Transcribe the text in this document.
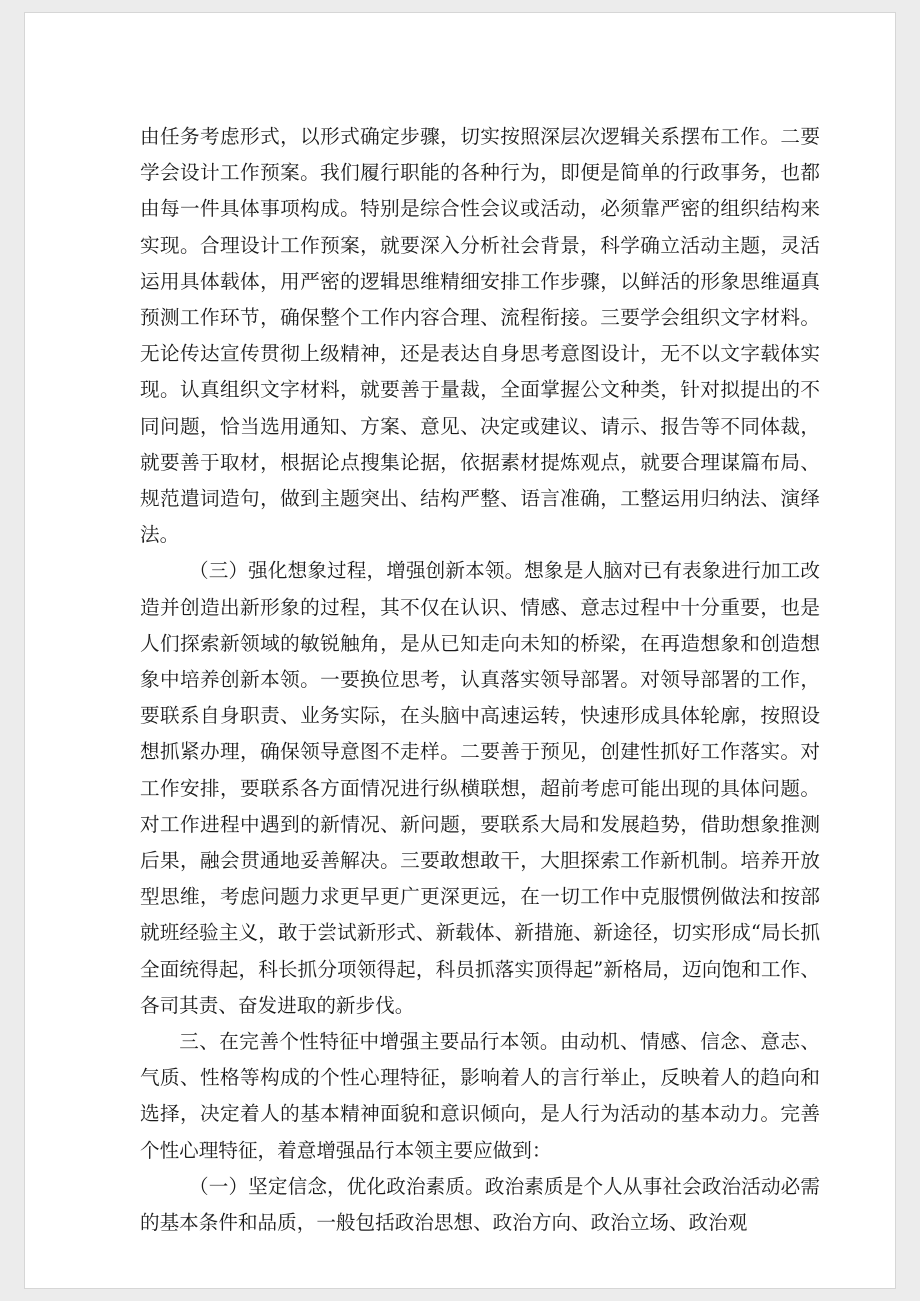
由任务考虑形式，以形式确定步骤，切实按照深层次逻辑关系摆布工作。二要学会设计工作预案。我们履行职能的各种行为，即便是简单的行政事务，也都由每一件具体事项构成。特别是综合性会议或活动，必须靠严密的组织结构来实现。合理设计工作预案，就要深入分析社会背景，科学确立活动主题，灵活运用具体载体，用严密的逻辑思维精细安排工作步骤，以鲜活的形象思维逼真预测工作环节，确保整个工作内容合理、流程衔接。三要学会组织文字材料。无论传达宣传贯彻上级精神，还是表达自身思考意图设计，无不以文字载体实现。认真组织文字材料，就要善于量裁，全面掌握公文种类，针对拟提出的不同问题，恰当选用通知、方案、意见、决定或建议、请示、报告等不同体裁，就要善于取材，根据论点搜集论据，依据素材提炼观点，就要合理谋篇布局、规范遣词造句，做到主题突出、结构严整、语言准确，工整运用归纳法、演绎法。

（三）强化想象过程，增强创新本领。想象是人脑对已有表象进行加工改造并创造出新形象的过程，其不仅在认识、情感、意志过程中十分重要，也是人们探索新领域的敏锐触角，是从已知走向未知的桥梁，在再造想象和创造想象中培养创新本领。一要换位思考，认真落实领导部署。对领导部署的工作，要联系自身职责、业务实际，在头脑中高速运转，快速形成具体轮廓，按照设想抓紧办理，确保领导意图不走样。二要善于预见，创建性抓好工作落实。对工作安排，要联系各方面情况进行纵横联想，超前考虑可能出现的具体问题。对工作进程中遇到的新情况、新问题，要联系大局和发展趋势，借助想象推测后果，融会贯通地妥善解决。三要敢想敢干，大胆探索工作新机制。培养开放型思维，考虑问题力求更早更广更深更远，在一切工作中克服惯例做法和按部就班经验主义，敢于尝试新形式、新载体、新措施、新途径，切实形成“局长抓全面统得起，科长抓分项领得起，科员抓落实顶得起”新格局，迈向饱和工作、各司其责、奋发进取的新步伐。

三、在完善个性特征中增强主要品行本领。由动机、情感、信念、意志、气质、性格等构成的个性心理特征，影响着人的言行举止，反映着人的趋向和选择，决定着人的基本精神面貌和意识倾向，是人行为活动的基本动力。完善个性心理特征，着意增强品行本领主要应做到：

（一）坚定信念，优化政治素质。政治素质是个人从事社会政治活动必需的基本条件和品质，一般包括政治思想、政治方向、政治立场、政治观
